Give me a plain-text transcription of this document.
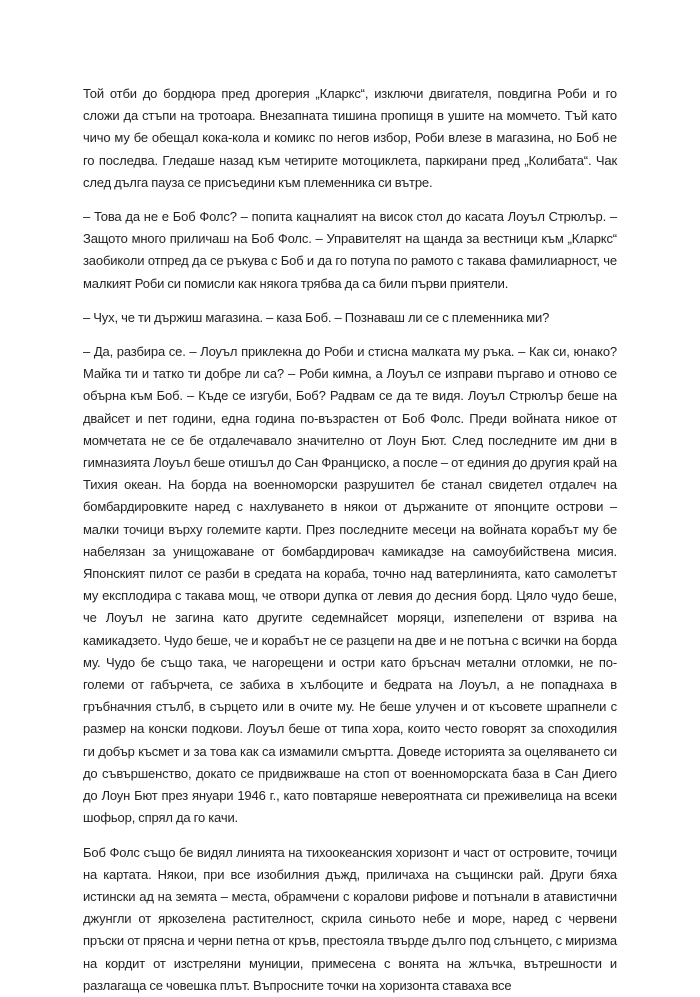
Той отби до бордюра пред дрогерия „Кларкс“, изключи двигателя, повдигна Роби и го сложи да стъпи на тротоара. Внезапната тишина пропищя в ушите на момчето. Тъй като чичо му бе обещал кока-кола и комикс по негов избор, Роби влезе в магазина, но Боб не го последва. Гледаше назад към четирите мотоциклета, паркирани пред „Колибата“. Чак след дълга пауза се присъедини към племенника си вътре.

– Това да не е Боб Фолс? – попита кацналият на висок стол до касата Лоуъл Стрюлър. – Защото много приличаш на Боб Фолс. – Управителят на щанда за вестници към „Кларкс“ заобиколи отпред да се ръкува с Боб и да го потупа по рамото с такава фамилиарност, че малкият Роби си помисли как някога трябва да са били първи приятели.

– Чух, че ти държиш магазина. – каза Боб. – Познаваш ли се с племенника ми?

– Да, разбира се. – Лоуъл приклекна до Роби и стисна малката му ръка. – Как си, юнако? Майка ти и татко ти добре ли са? – Роби кимна, а Лоуъл се изправи пъргаво и отново се обърна към Боб. – Къде се изгуби, Боб? Радвам се да те видя. Лоуъл Стрюлър беше на двайсет и пет години, една година по-възрастен от Боб Фолс. Преди войната никое от момчетата не се бе отдалечавало значително от Лоун Бют. След последните им дни в гимназията Лоуъл беше отишъл до Сан Франциско, а после – от единия до другия край на Тихия океан. На борда на военноморски разрушител бе станал свидетел отдалеч на бомбардировките наред с нахлуването в някои от държаните от японците острови – малки точици върху големите карти. През последните месеци на войната корабът му бе набелязан за унищожаване от бомбардировач камикадзе на самоубийствена мисия. Японският пилот се разби в средата на кораба, точно над ватерлинията, като самолетът му експлодира с такава мощ, че отвори дупка от левия до десния борд. Цяло чудо беше, че Лоуъл не загина като другите седемнайсет моряци, изпепелени от взрива на камикадзето. Чудо беше, че и корабът не се разцепи на две и не потъна с всички на борда му. Чудо бе също така, че нагорещени и остри като бръснач метални отломки, не по-големи от габърчета, се забиха в хълбоците и бедрата на Лоуъл, а не попаднаха в гръбначния стълб, в сърцето или в очите му. Не беше улучен и от късовете шрапнели с размер на конски подкови. Лоуъл беше от типа хора, които често говорят за споходилия ги добър късмет и за това как са измамили смъртта. Доведе историята за оцеляването си до съвършенство, докато се придвижваше на стоп от военноморската база в Сан Диего до Лоун Бют през януари 1946 г., като повтаряше невероятната си преживелица на всеки шофьор, спрял да го качи.

Боб Фолс също бе видял линията на тихоокеанския хоризонт и част от островите, точици на картата. Някои, при все изобилния дъжд, приличаха на същински рай. Други бяха истински ад на земята – места, обрамчени с коралови рифове и потънали в атавистични джунгли от яркозелена растителност, скрила синьото небе и море, наред с червени пръски от прясна и черни петна от кръв, престояла твърде дълго под слънцето, с миризма на кордит от изстреляни муниции, примесена с вонята на жлъчка, вътрешности и разлагаща се човешка плът. Въпросните точки на хоризонта ставаха все
